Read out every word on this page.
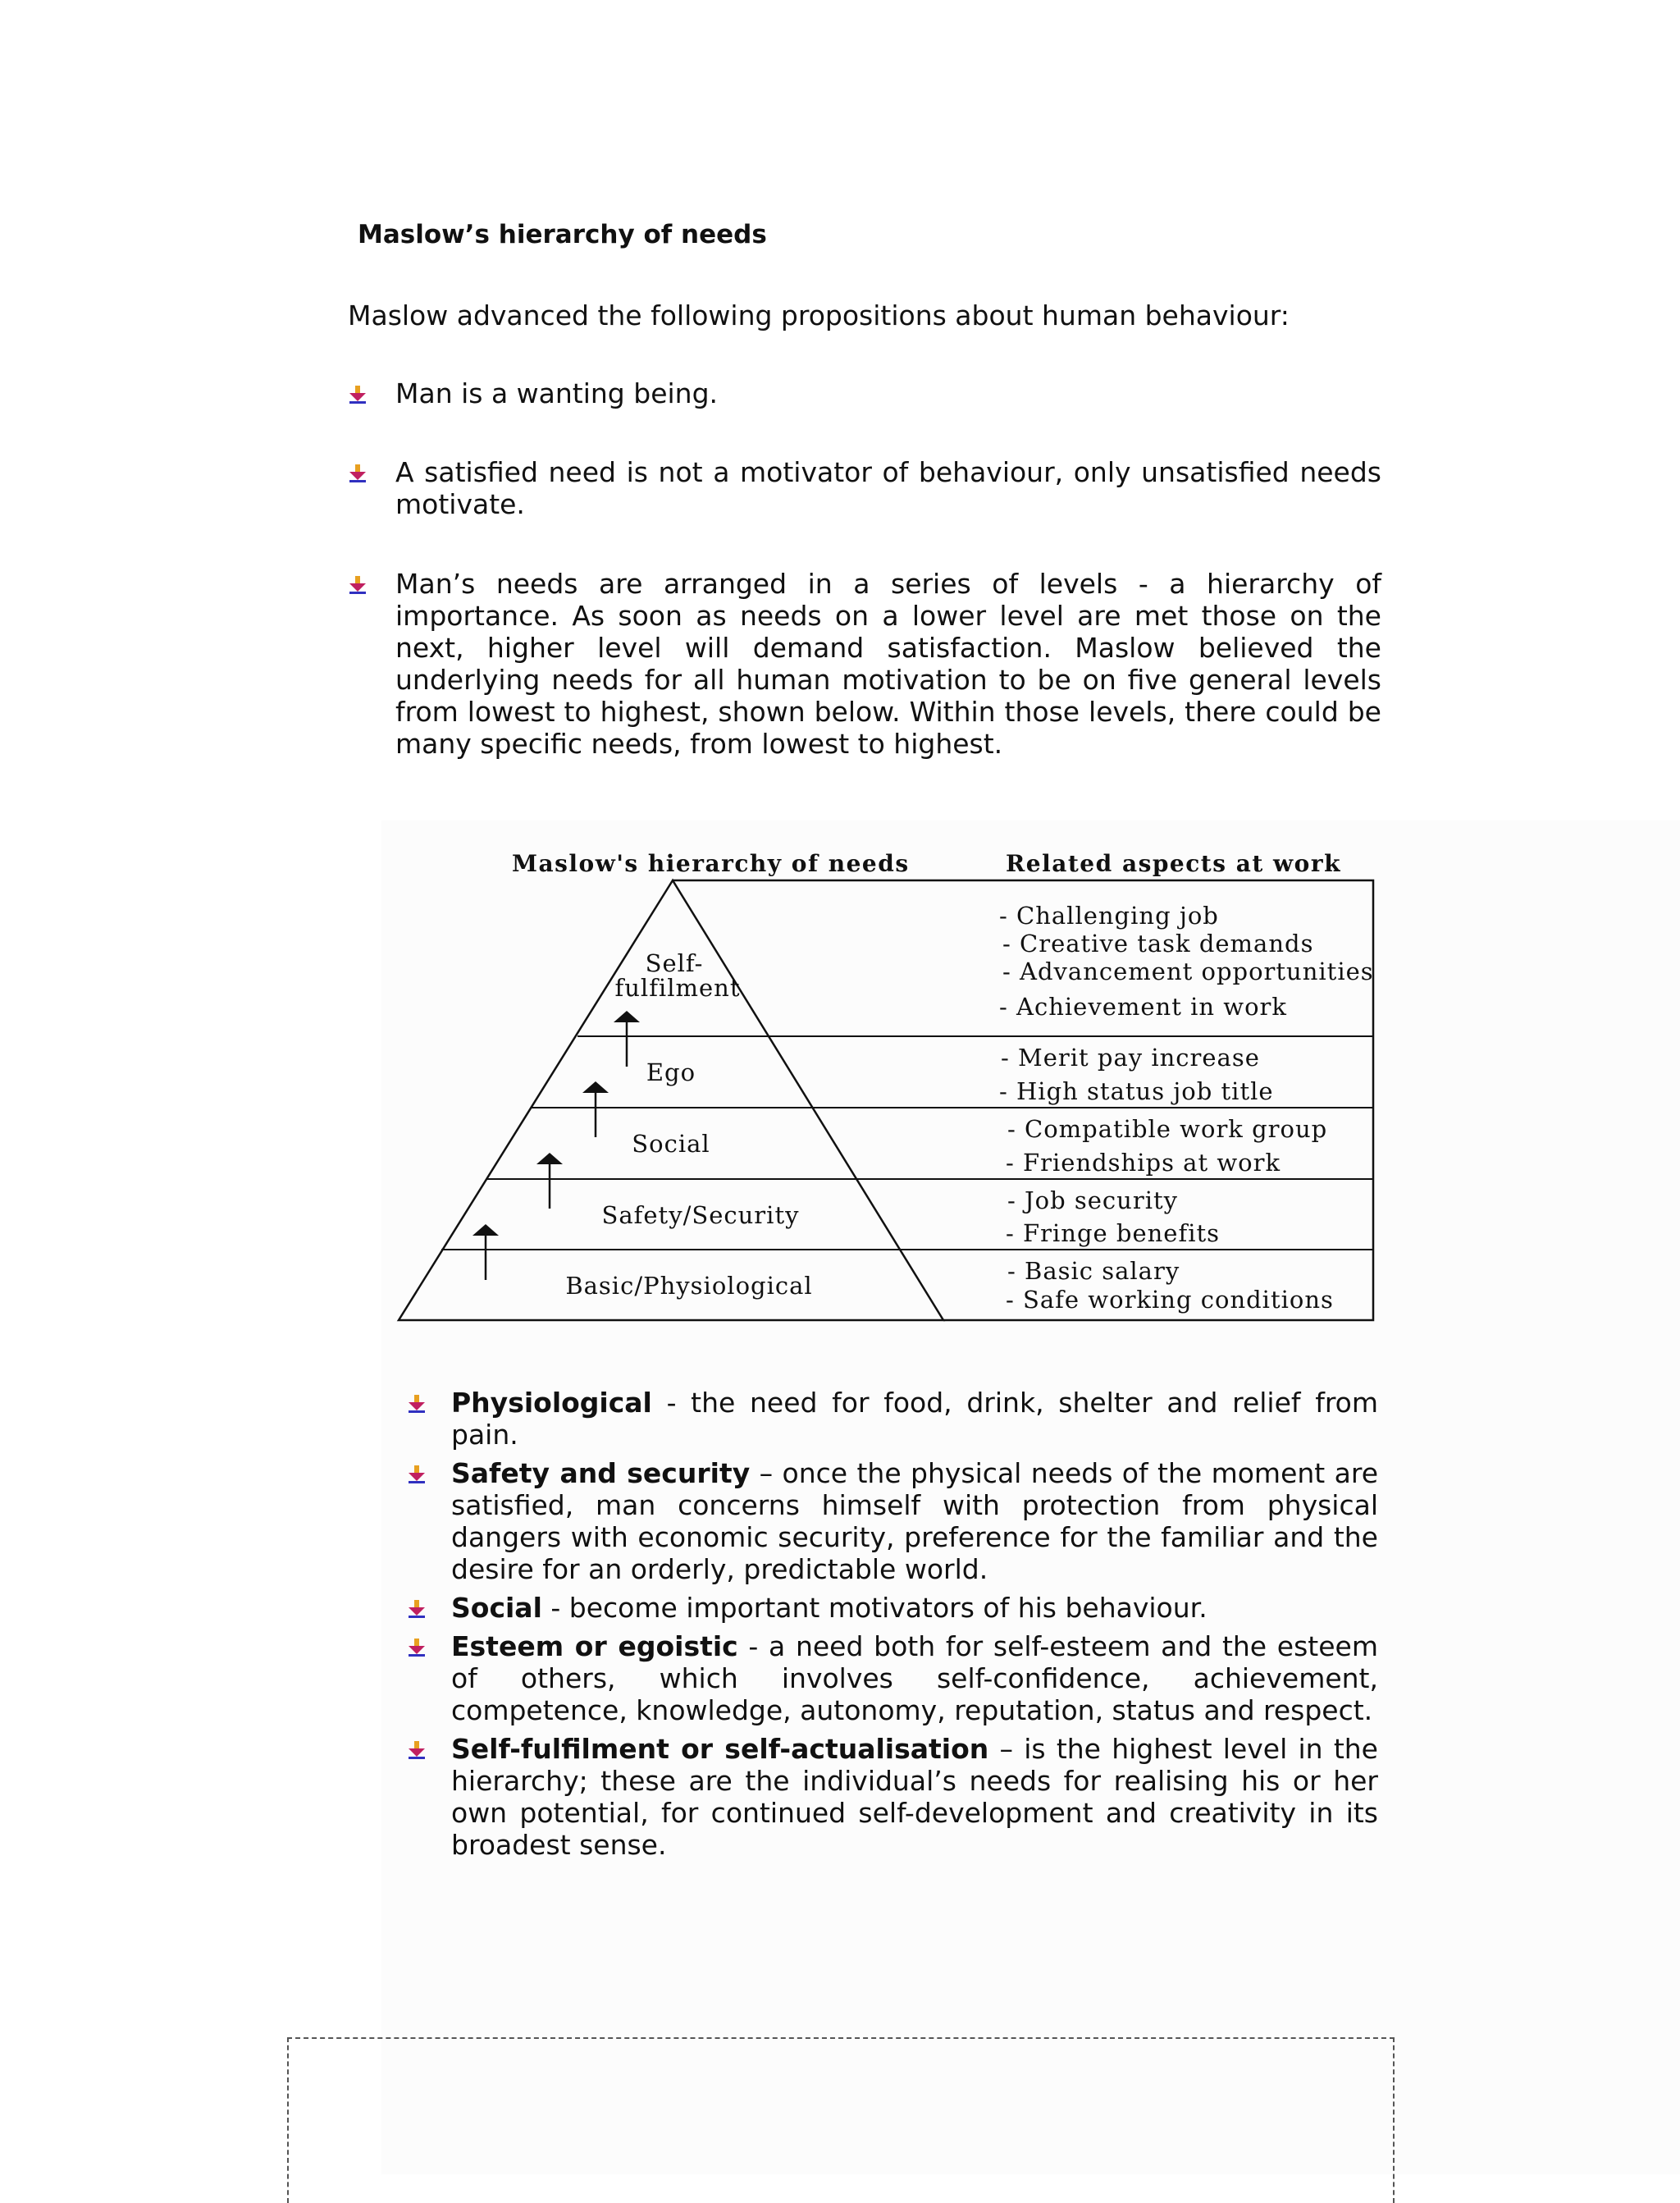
Maslow’s hierarchy of needs

Maslow advanced the following propositions about human behaviour:

Man is a wanting being.

A satisfied need is not a motivator of behaviour, only unsatisfied needs motivate.

Man’s needs are arranged in a series of levels - a hierarchy of importance. As soon as needs on a lower level are met those on the next, higher level will demand satisfaction. Maslow believed the underlying needs for all human motivation to be on five general levels from lowest to highest, shown below. Within those levels, there could be many specific needs, from lowest to highest.

Maslow's hierarchy of needs	Related aspects at work
Self-
fulfilment
Ego
Social
Safety/Security
Basic/Physiological
- Challenging job
- Creative task demands
- Advancement opportunities
- Achievement in work
- Merit pay increase
- High status job title
- Compatible work group
- Friendships at work
- Job security
- Fringe benefits
- Basic salary
- Safe working conditions

Physiological - the need for food, drink, shelter and relief from pain.

Safety and security – once the physical needs of the moment are satisfied, man concerns himself with protection from physical dangers with economic security, preference for the familiar and the desire for an orderly, predictable world.

Social - become important motivators of his behaviour.

Esteem or egoistic - a need both for self-esteem and the esteem of others, which involves self-confidence, achievement, competence, knowledge, autonomy, reputation, status and respect.

Self-fulfilment or self-actualisation – is the highest level in the hierarchy; these are the individual’s needs for realising his or her own potential, for continued self-development and creativity in its broadest sense.
